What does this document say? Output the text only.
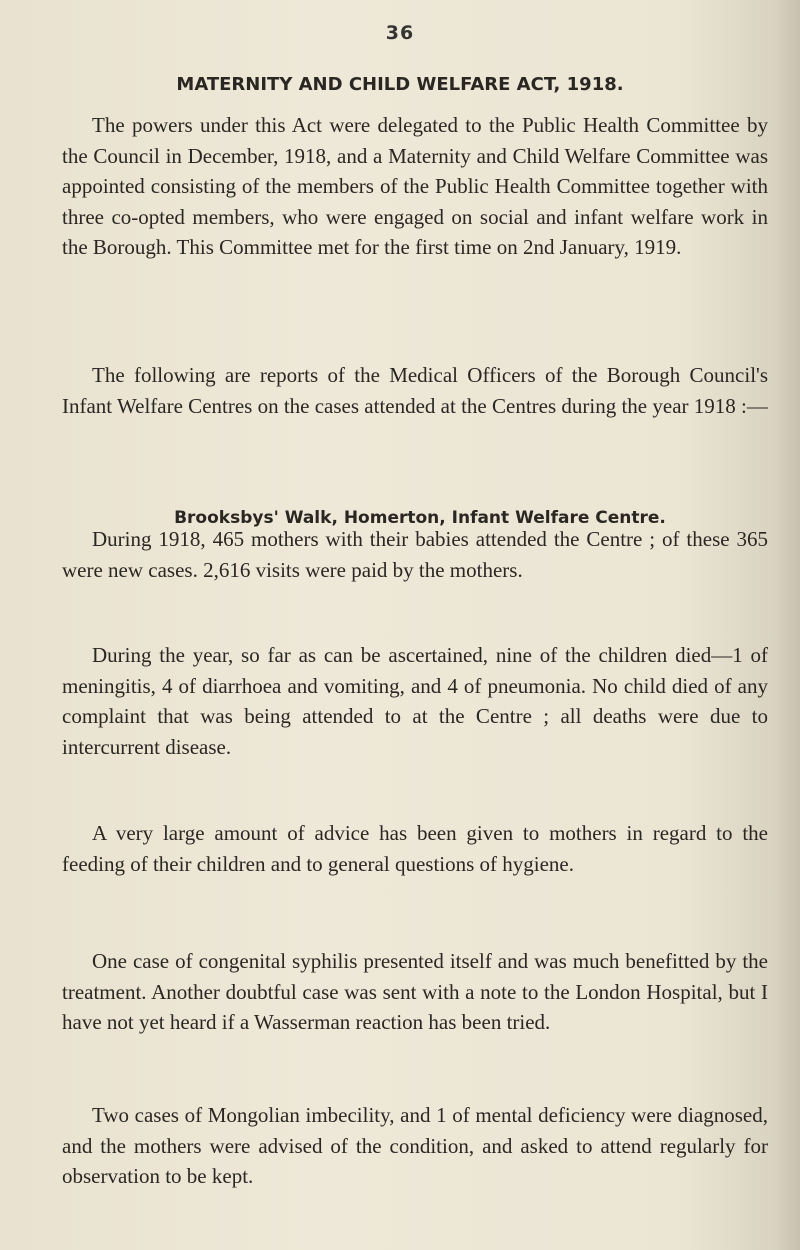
36
MATERNITY AND CHILD WELFARE ACT, 1918.

The powers under this Act were delegated to the Public Health Committee by the Council in December, 1918, and a Maternity and Child Welfare Committee was appointed consisting of the members of the Public Health Committee together with three co-opted members, who were engaged on social and infant welfare work in the Borough. This Committee met for the first time on 2nd January, 1919.

The following are reports of the Medical Officers of the Borough Council's Infant Welfare Centres on the cases attended at the Centres during the year 1918 :—

Brooksbys' Walk, Homerton, Infant Welfare Centre.

During 1918, 465 mothers with their babies attended the Centre ; of these 365 were new cases. 2,616 visits were paid by the mothers.

During the year, so far as can be ascertained, nine of the children died—1 of meningitis, 4 of diarrhoea and vomiting, and 4 of pneumonia. No child died of any complaint that was being attended to at the Centre ; all deaths were due to intercurrent disease.

A very large amount of advice has been given to mothers in regard to the feeding of their children and to general questions of hygiene.

One case of congenital syphilis presented itself and was much benefitted by the treatment. Another doubtful case was sent with a note to the London Hospital, but I have not yet heard if a Wasserman reaction has been tried.

Two cases of Mongolian imbecility, and 1 of mental deficiency were diagnosed, and the mothers were advised of the condition, and asked to attend regularly for observation to be kept.
